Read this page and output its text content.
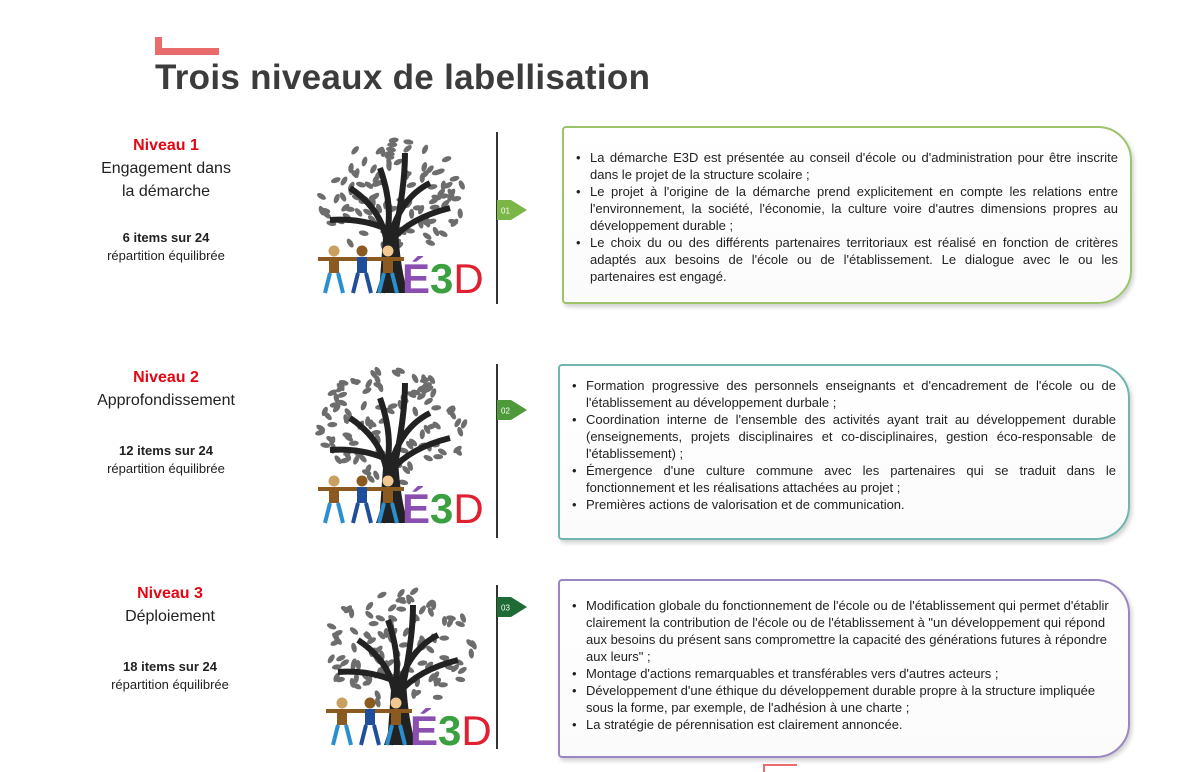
Trois niveaux de labellisation
Niveau 1
Engagement dans
la démarche
6 items sur 24
répartition équilibrée
Niveau 2
Approfondissement
12 items sur 24
répartition équilibrée
Niveau 3
Déploiement
18 items sur 24
répartition équilibrée
É3D
É3D
É3D
01
02
03
• La démarche E3D est présentée au conseil d'école ou d'administration pour être inscrite dans le projet de la structure scolaire ;
• Le projet à l'origine de la démarche prend explicitement en compte les relations entre l'environnement, la société, l'économie, la culture voire d'autres dimensions propres au développement durable ;
• Le choix du ou des différents partenaires territoriaux est réalisé en fonction de critères adaptés aux besoins de l'école ou de l'établissement. Le dialogue avec le ou les partenaires est engagé.
• Formation progressive des personnels enseignants et d'encadrement de l'école ou de l'établissement au développement durbale ;
• Coordination interne de l'ensemble des activités ayant trait au développement durable (enseignements, projets disciplinaires et co-disciplinaires, gestion éco-responsable de l'établissement) ;
• Émergence d'une culture commune avec les partenaires qui se traduit dans le fonctionnement et les réalisations attachées au projet ;
• Premières actions de valorisation et de communication.
• Modification globale du fonctionnement de l'école ou de l'établissement qui permet d'établir clairement la contribution de l'école ou de l'établissement à "un développement qui répond aux besoins du présent sans compromettre la capacité des générations futures à répondre aux leurs" ;
• Montage d'actions remarquables et transférables vers d'autres acteurs ;
• Développement d'une éthique du développement durable propre à la structure impliquée sous la forme, par exemple, de l'adhésion à une charte ;
• La stratégie de pérennisation est clairement annoncée.
